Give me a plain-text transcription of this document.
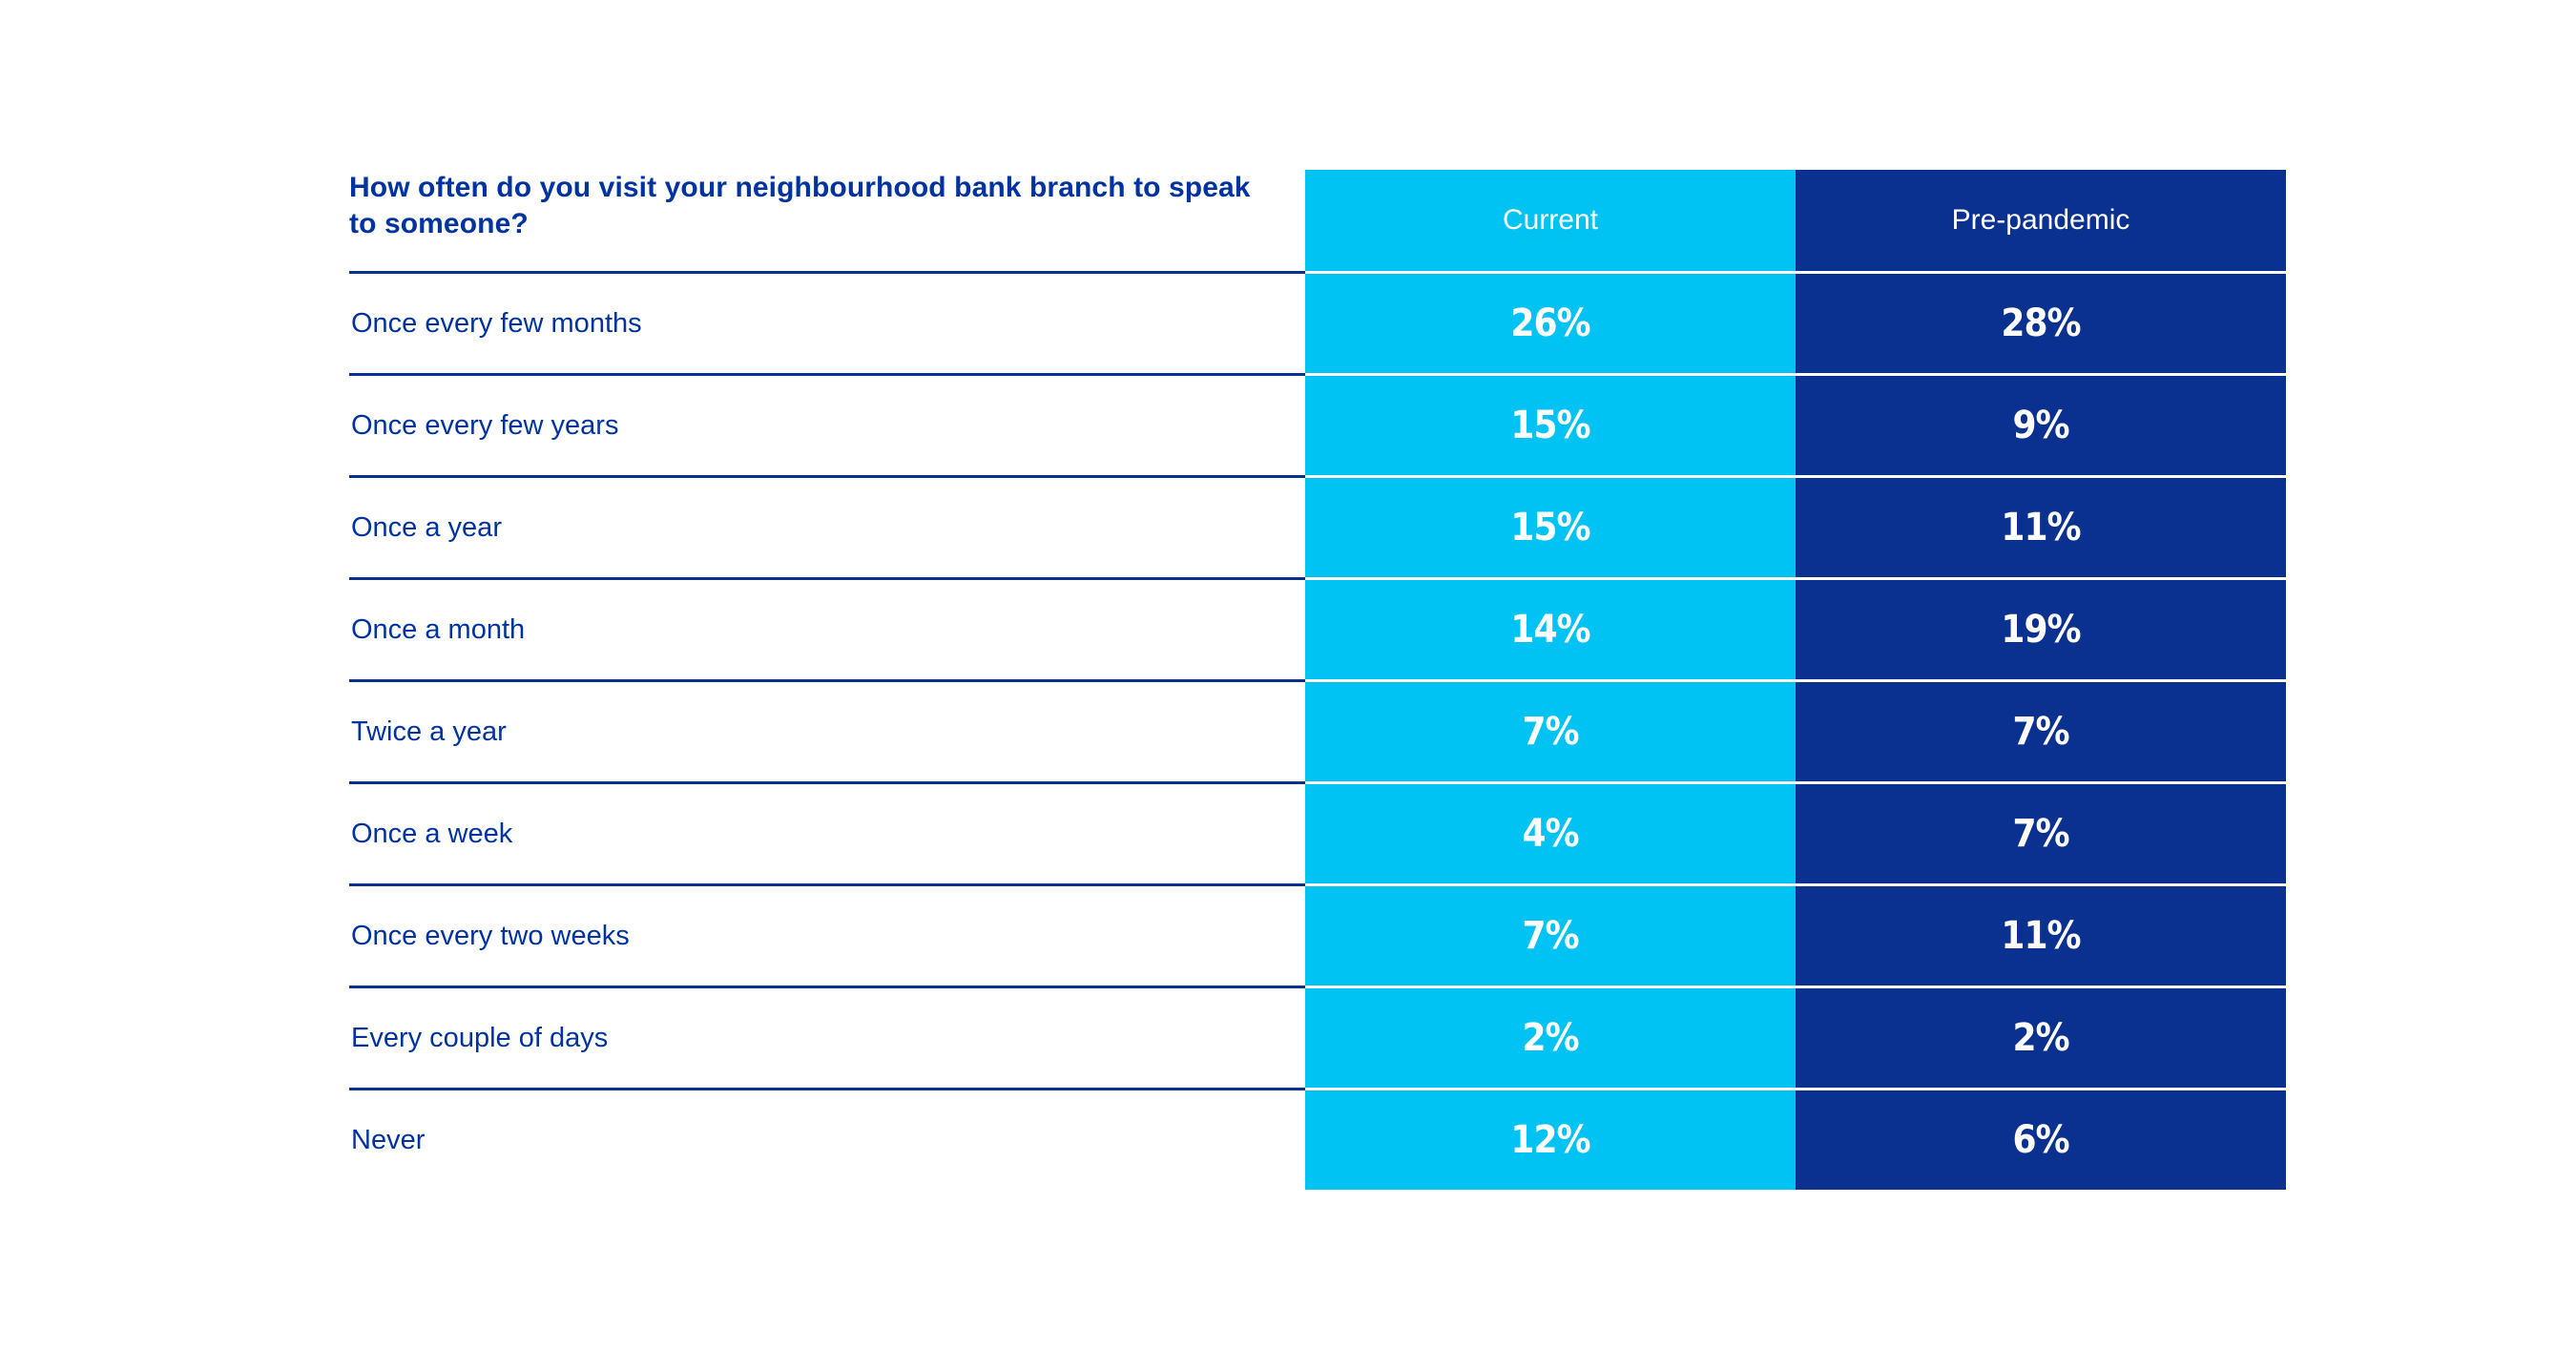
How often do you visit your neighbourhood bank branch to speak to someone?	Current	Pre-pandemic
Once every few months	26%	28%
Once every few years	15%	9%
Once a year	15%	11%
Once a month	14%	19%
Twice a year	7%	7%
Once a week	4%	7%
Once every two weeks	7%	11%
Every couple of days	2%	2%
Never	12%	6%
